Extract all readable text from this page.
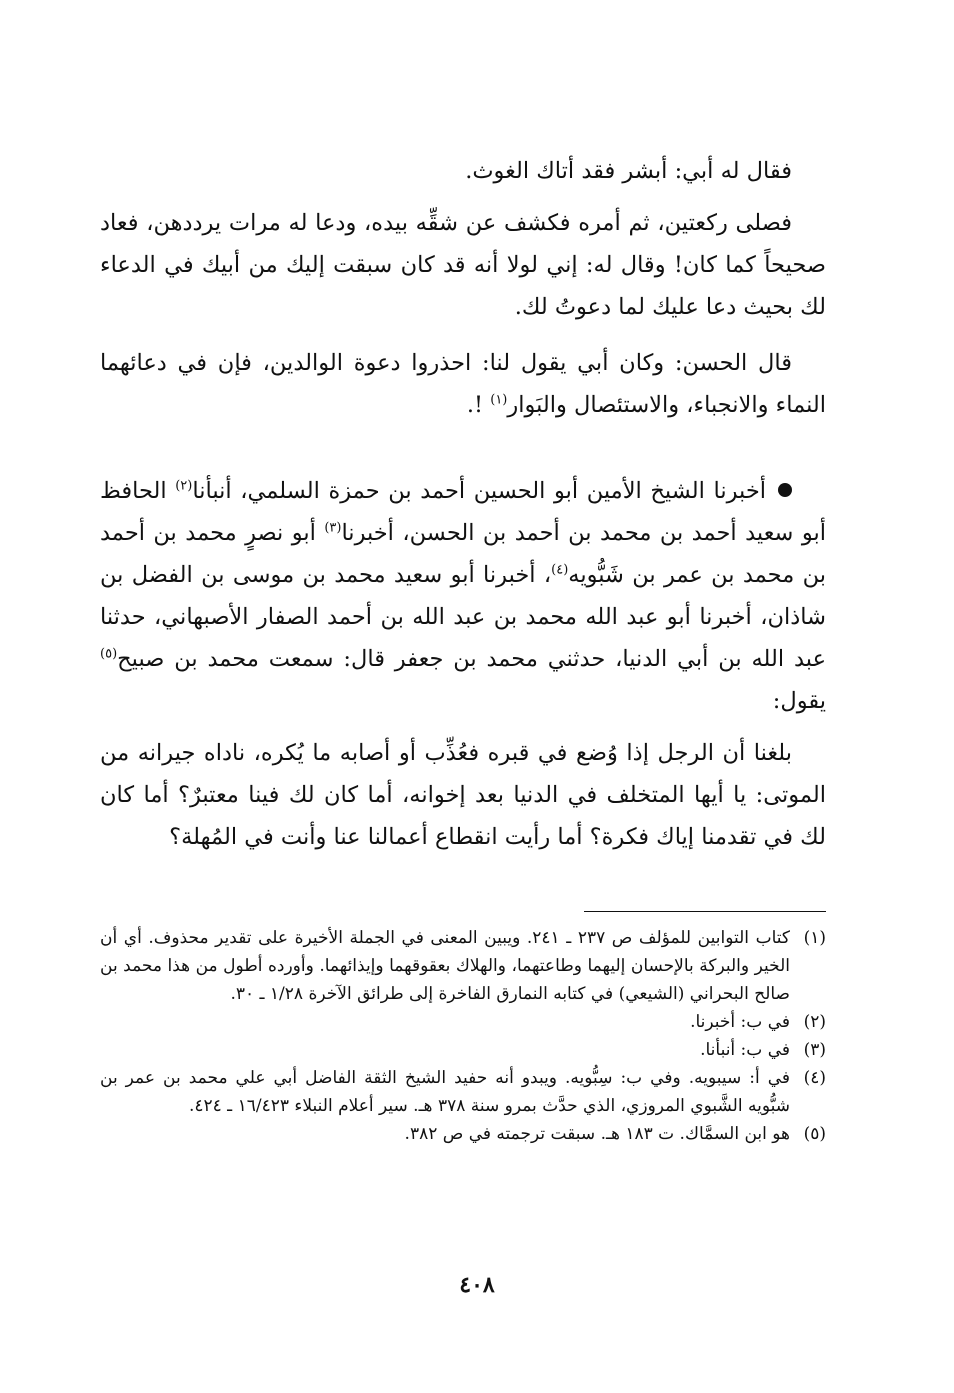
فقال له أبي: أبشر فقد أتاك الغوث.

فصلى ركعتين، ثم أمره فكشف عن شقِّه بيده، ودعا له مرات يرددهن، فعاد صحيحاً كما كان! وقال له: إني لولا أنه قد كان سبقت إليك من أبيك في الدعاء لك بحيث دعا عليك لما دعوتُ لك.

قال الحسن: وكان أبي يقول لنا: احذروا دعوة الوالدين، فإن في دعائهما النماء والانجباء، والاستئصال والبَوار$^{(١)}$ !.

أخبرنا الشيخ الأمين أبو الحسين أحمد بن حمزة السلمي، أنبأنا$^{(٢)}$ الحافظ أبو سعيد أحمد بن محمد بن أحمد بن الحسن، أخبرنا$^{(٣)}$ أبو نصرٍ محمد بن أحمد بن محمد بن عمر بن شَبُّويه$^{(٤)}$، أخبرنا أبو سعيد محمد بن موسى بن الفضل بن شاذان، أخبرنا أبو عبد الله محمد بن عبد الله بن أحمد الصفار الأصبهاني، حدثنا عبد الله بن أبي الدنيا، حدثني محمد بن جعفر قال: سمعت محمد بن صبيح$^{(٥)}$ يقول:

بلغنا أن الرجل إذا وُضع في قبره فعُذِّب أو أصابه ما يُكره، ناداه جيرانه من الموتى: يا أيها المتخلف في الدنيا بعد إخوانه، أما كان لك فينا معتبرٌ؟ أما كان لك في تقدمنا إياك فكرة؟ أما رأيت انقطاع أعمالنا عنا وأنت في المُهلة؟

(١)
كتاب التوابين للمؤلف ص ٢٣٧ ـ ٢٤١. ويبين المعنى في الجملة الأخيرة على تقدير محذوف. أي أن الخير والبركة بالإحسان إليهما وطاعتهما، والهلاك بعقوقهما وإيذائهما. وأورده أطول من هذا محمد بن صالح البحراني (الشيعي) في كتابه النمارق الفاخرة إلى طرائق الآخرة ١/٢٨ ـ ٣٠.
(٢)
في ب: أخبرنا.
(٣)
في ب: أنبأنا.
(٤)
في أ: سيبويه. وفي ب: سِبُّويه. ويبدو أنه حفيد الشيخ الثقة الفاضل أبي علي محمد بن عمر بن شبُّويه الشَّبوي المروزي، الذي حدَّث بمرو سنة ٣٧٨ هـ. سير أعلام النبلاء ١٦/٤٢٣ ـ ٤٢٤.
(٥)
هو ابن السمَّاك. ت ١٨٣ هـ. سبقت ترجمته في ص ٣٨٢.
٤٠٨
